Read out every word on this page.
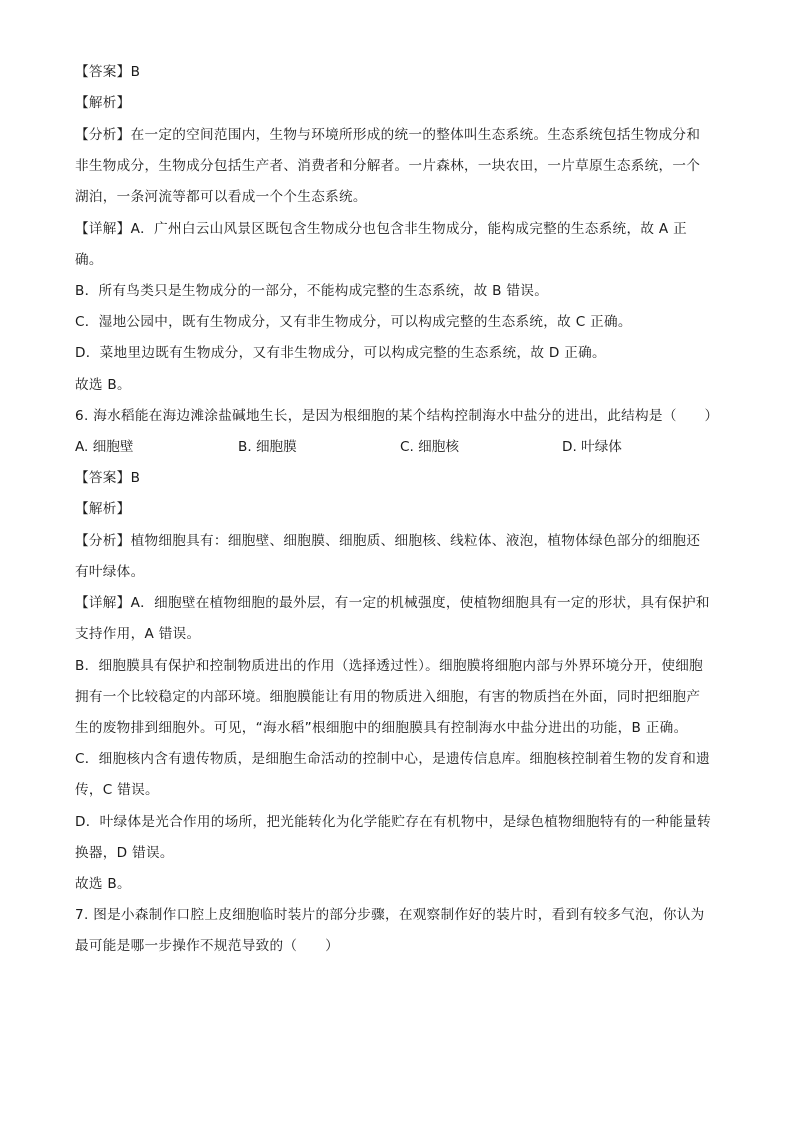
【答案】B

【解析】

【分析】在一定的空间范围内，生物与环境所形成的统一的整体叫生态系统。生态系统包括生物成分和

非生物成分，生物成分包括生产者、消费者和分解者。一片森林，一块农田，一片草原生态系统，一个

湖泊，一条河流等都可以看成一个个生态系统。

【详解】A．广州白云山风景区既包含生物成分也包含非生物成分，能构成完整的生态系统，故 A 正

确。

B．所有鸟类只是生物成分的一部分，不能构成完整的生态系统，故 B 错误。

C．湿地公园中，既有生物成分，又有非生物成分，可以构成完整的生态系统，故 C 正确。

D．菜地里边既有生物成分，又有非生物成分，可以构成完整的生态系统，故 D 正确。

故选 B。

6. 海水稻能在海边滩涂盐碱地生长，是因为根细胞的某个结构控制海水中盐分的进出，此结构是（　　）

A. 细胞壁	B. 细胞膜	C. 细胞核	D. 叶绿体

【答案】B

【解析】

【分析】植物细胞具有：细胞壁、细胞膜、细胞质、细胞核、线粒体、液泡，植物体绿色部分的细胞还

有叶绿体。

【详解】A．细胞壁在植物细胞的最外层，有一定的机械强度，使植物细胞具有一定的形状，具有保护和

支持作用，A 错误。

B．细胞膜具有保护和控制物质进出的作用（选择透过性）。细胞膜将细胞内部与外界环境分开，使细胞

拥有一个比较稳定的内部环境。细胞膜能让有用的物质进入细胞，有害的物质挡在外面，同时把细胞产

生的废物排到细胞外。可见，“海水稻”根细胞中的细胞膜具有控制海水中盐分进出的功能，B 正确。

C．细胞核内含有遗传物质，是细胞生命活动的控制中心，是遗传信息库。细胞核控制着生物的发育和遗

传，C 错误。

D．叶绿体是光合作用的场所，把光能转化为化学能贮存在有机物中，是绿色植物细胞特有的一种能量转

换器，D 错误。

故选 B。

7. 图是小森制作口腔上皮细胞临时装片的部分步骤，在观察制作好的装片时，看到有较多气泡，你认为

最可能是哪一步操作不规范导致的（　　）
